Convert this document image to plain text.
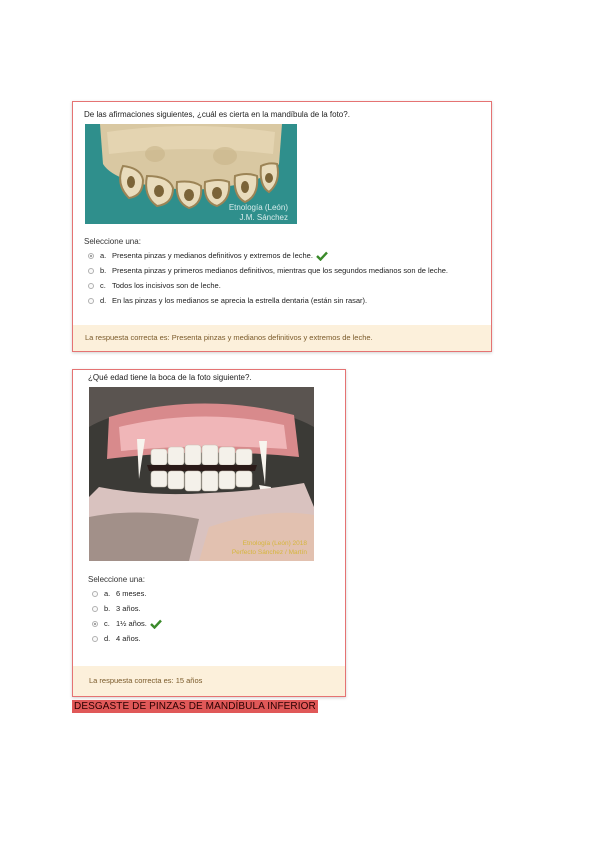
De las afirmaciones siguientes, ¿cuál es cierta en la mandíbula de la foto?.
Etnología (León)
J.M. Sánchez
Seleccione una:
a. Presenta pinzas y medianos definitivos y extremos de leche.
b. Presenta pinzas y primeros medianos definitivos, mientras que los segundos medianos son de leche.
c. Todos los incisivos son de leche.
d. En las pinzas y los medianos se aprecia la estrella dentaria (están sin rasar).
La respuesta correcta es: Presenta pinzas y medianos definitivos y extremos de leche.
¿Qué edad tiene la boca de la foto siguiente?.
Etnología (León) 2018
Perfecto Sánchez / Martín
Seleccione una:
a. 6 meses.
b. 3 años.
c. 1½ años.
d. 4 años.
La respuesta correcta es: 15 años
DESGASTE DE PINZAS DE MANDÍBULA INFERIOR
